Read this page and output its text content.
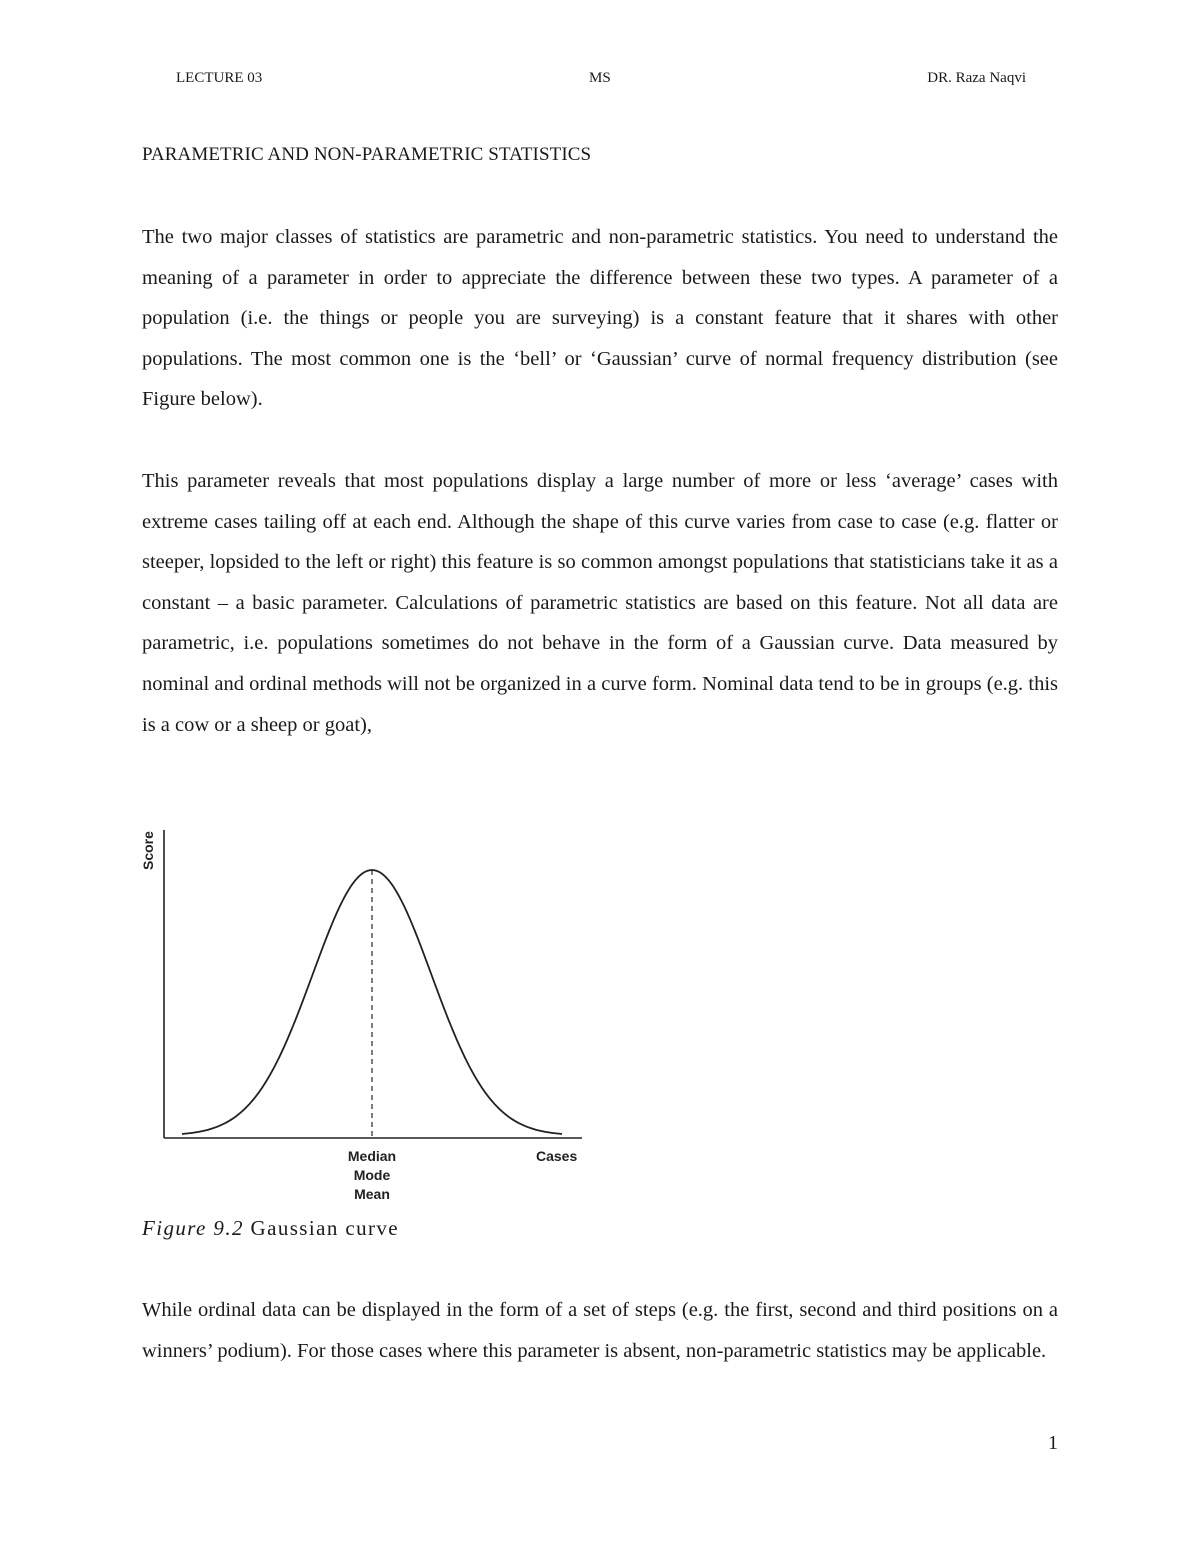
LECTURE 03	MS	DR. Raza Naqvi
PARAMETRIC AND NON-PARAMETRIC STATISTICS

The two major classes of statistics are parametric and non-parametric statistics. You need to understand the meaning of a parameter in order to appreciate the difference between these two types. A parameter of a population (i.e. the things or people you are surveying) is a constant feature that it shares with other populations. The most common one is the ‘bell’ or ‘Gaussian’ curve of normal frequency distribution (see Figure below).

This parameter reveals that most populations display a large number of more or less ‘average’ cases with extreme cases tailing off at each end. Although the shape of this curve varies from case to case (e.g. flatter or steeper, lopsided to the left or right) this feature is so common amongst populations that statisticians take it as a constant – a basic parameter. Calculations of parametric statistics are based on this feature. Not all data are parametric, i.e. populations sometimes do not behave in the form of a Gaussian curve. Data measured by nominal and ordinal methods will not be organized in a curve form. Nominal data tend to be in groups (e.g. this is a cow or a sheep or goat),

Score
Cases
Median
Mode
Mean
Figure 9.2 Gaussian curve

While ordinal data can be displayed in the form of a set of steps (e.g. the first, second and third positions on a winners’ podium). For those cases where this parameter is absent, non-parametric statistics may be applicable.

1
